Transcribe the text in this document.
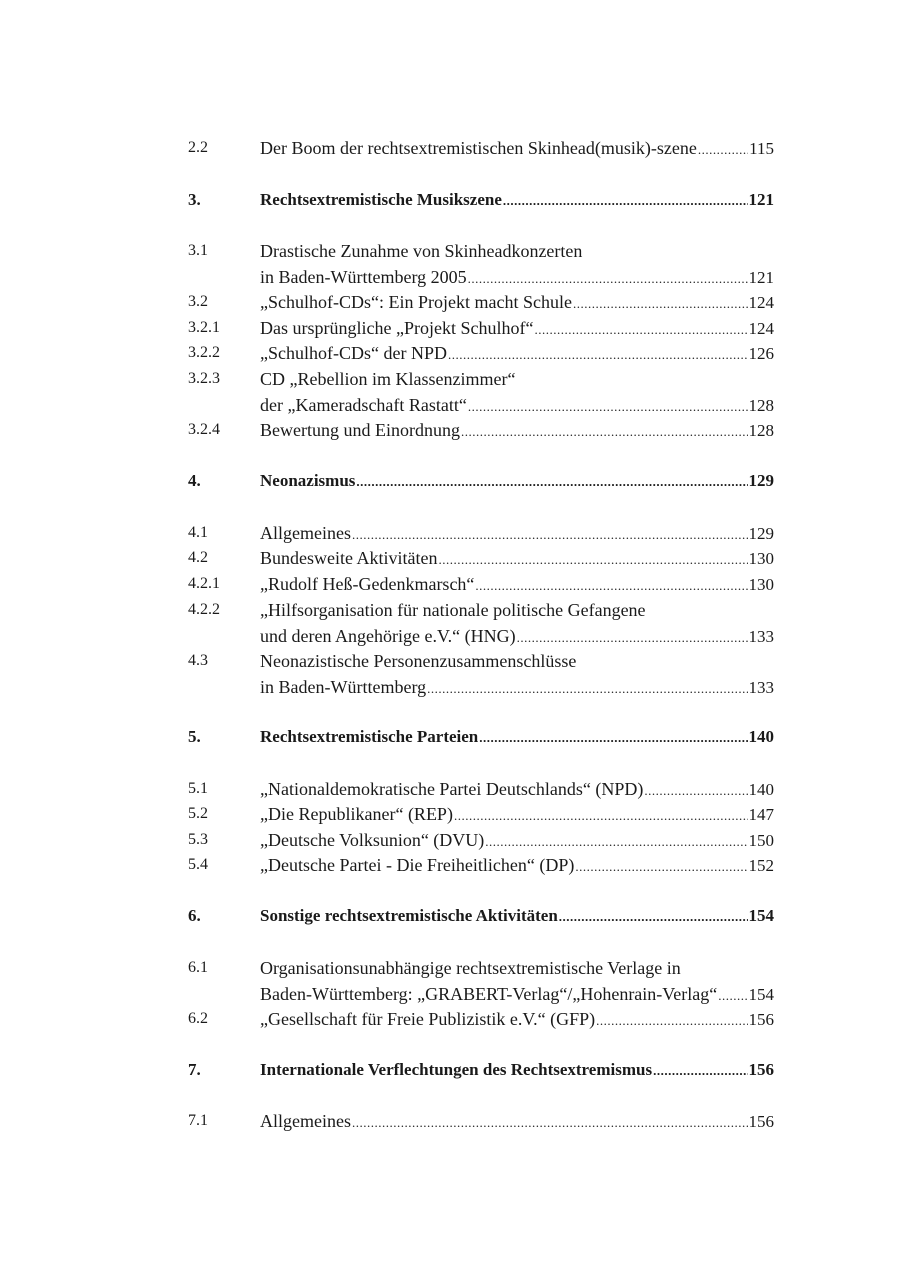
2.2	Der Boom der rechtsextremistischen Skinhead(musik)-szene .....	115
3.	Rechtsextremistische Musikszene .....	121
3.1	Drastische Zunahme von Skinheadkonzerten
in Baden-Württemberg 2005 .....	121
3.2	„Schulhof-CDs“: Ein Projekt macht Schule .....	124
3.2.1 Das ursprüngliche „Projekt Schulhof“ .....	124
3.2.2 „Schulhof-CDs“ der NPD .....	126
3.2.3 CD „Rebellion im Klassenzimmer“
der „Kameradschaft Rastatt“ .....	128
3.2.4 Bewertung und Einordnung .....	128
4.	Neonazismus .....	129
4.1	Allgemeines .....	129
4.2	Bundesweite Aktivitäten .....	130
4.2.1 „Rudolf Heß-Gedenkmarsch“ .....	130
4.2.2 „Hilfsorganisation für nationale politische Gefangene
und deren Angehörige e.V.“ (HNG) .....	133
4.3	Neonazistische Personenzusammenschlüsse
in Baden-Württemberg .....	133
5.	Rechtsextremistische Parteien .....	140
5.1	„Nationaldemokratische Partei Deutschlands“ (NPD) .....	140
5.2	„Die Republikaner“ (REP) .....	147
5.3	„Deutsche Volksunion“ (DVU) .....	150
5.4	„Deutsche Partei - Die Freiheitlichen“ (DP) .....	152
6.	Sonstige rechtsextremistische Aktivitäten .....	154
6.1	Organisationsunabhängige rechtsextremistische Verlage in
Baden-Württemberg: „GRABERT-Verlag“/„Hohenrain-Verlag“ ..... 154
6.2	„Gesellschaft für Freie Publizistik e.V.“ (GFP) .....	156
7.	Internationale Verflechtungen des Rechtsextremismus .....	156
7.1	Allgemeines .....	156
